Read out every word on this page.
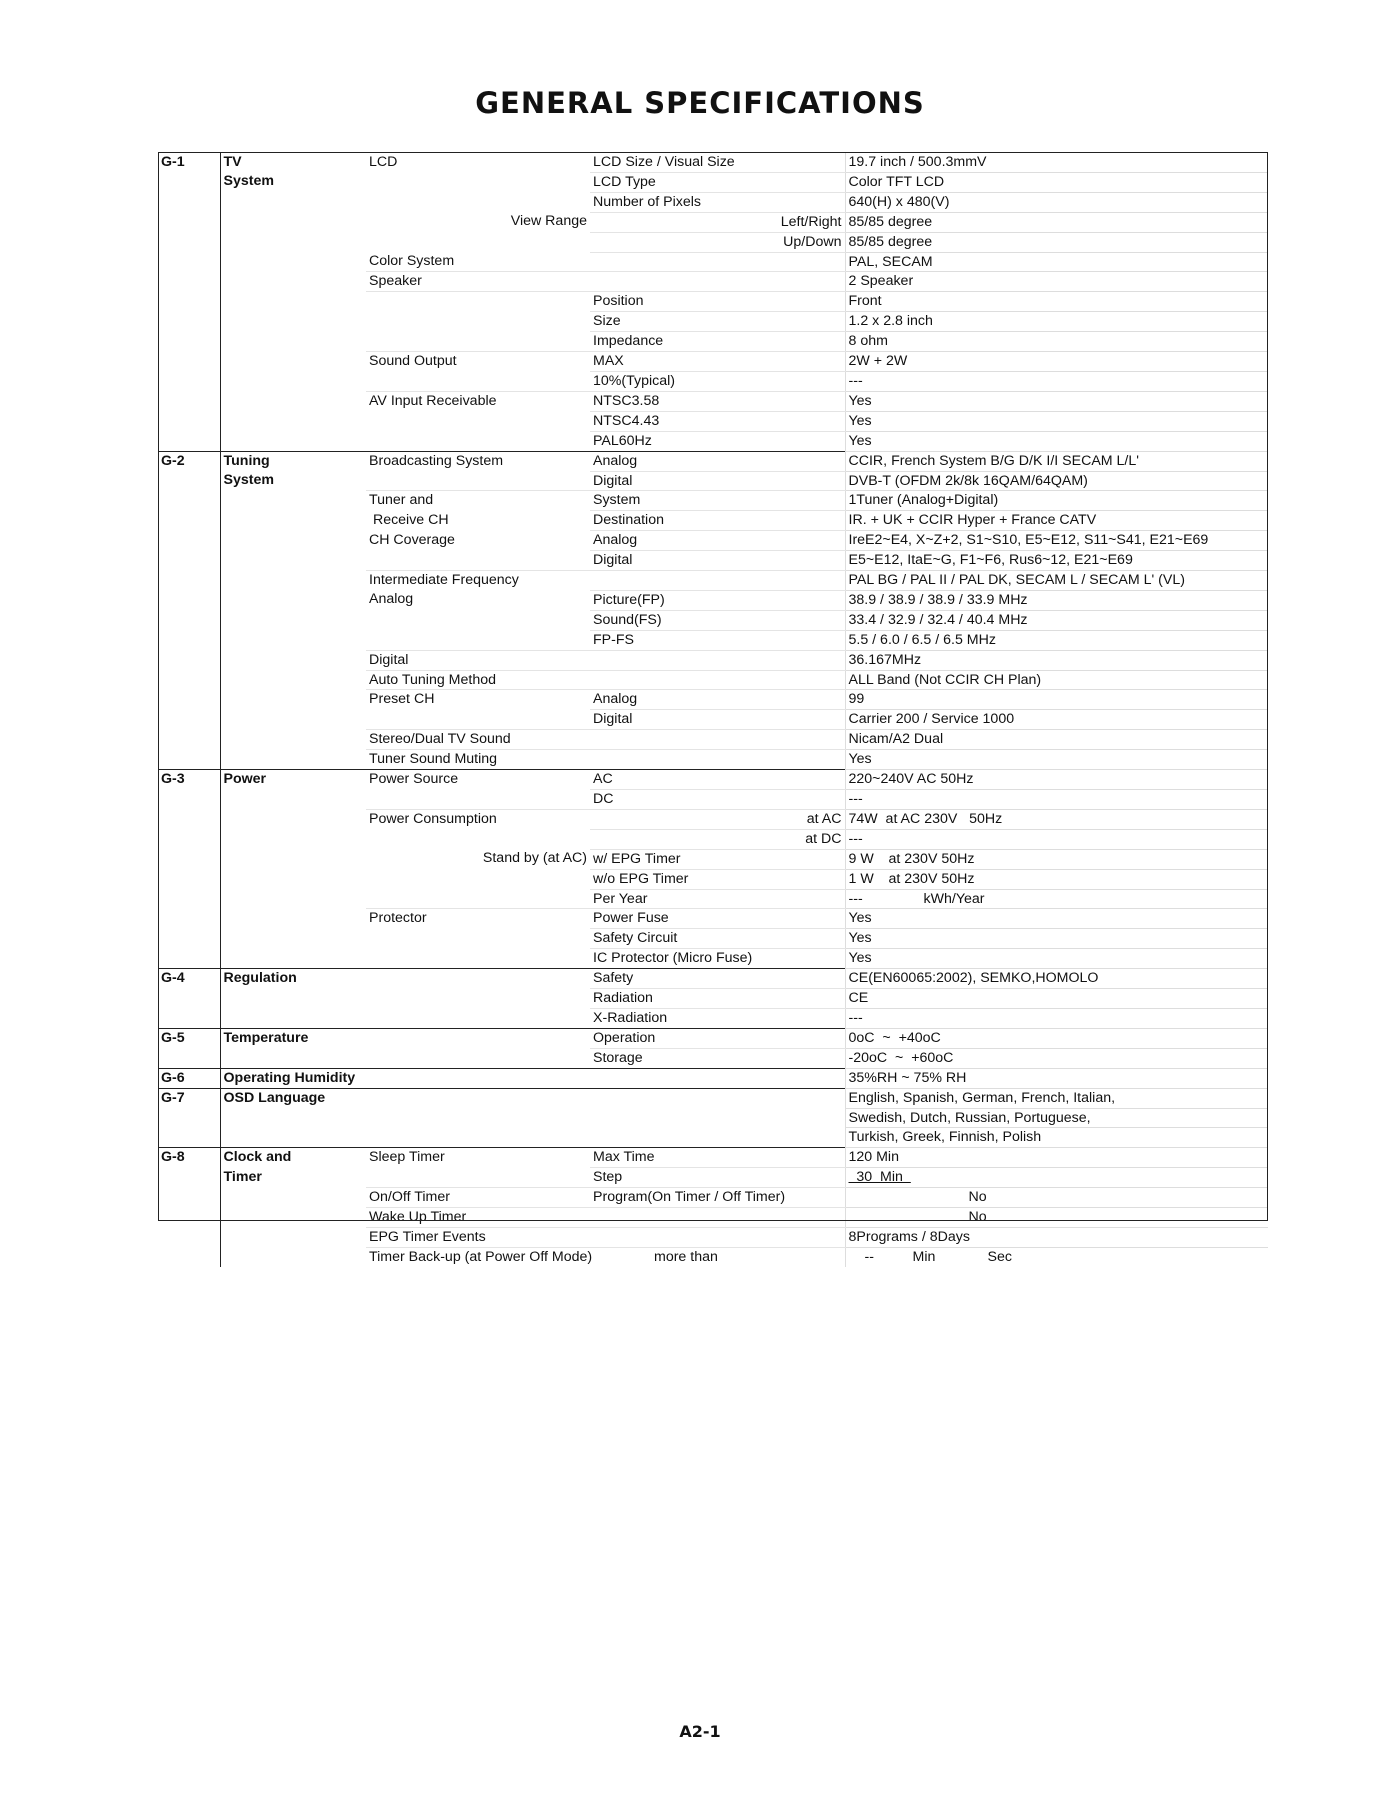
GENERAL SPECIFICATIONS
G-1	TV	LCD	LCD Size / Visual Size	19.7 inch / 500.3mmV
	System		LCD Type	Color TFT LCD
			Number of Pixels	640(H) x 480(V)
		View Range	Left/Right	85/85 degree
			Up/Down	85/85 degree
		Color System		PAL, SECAM
		Speaker		2 Speaker
			Position	Front
			Size	1.2 x 2.8 inch
			Impedance	8 ohm
		Sound Output	MAX	2W + 2W
			10%(Typical)	---
		AV Input Receivable	NTSC3.58	Yes
			NTSC4.43	Yes
			PAL60Hz	Yes
G-2	Tuning	Broadcasting System	Analog	CCIR, French System B/G D/K I/I SECAM L/L'
	System		Digital	DVB-T (OFDM 2k/8k 16QAM/64QAM)
		Tuner and	System	1Tuner (Analog+Digital)
		Receive CH	Destination	IR. + UK + CCIR Hyper + France CATV
		CH Coverage	Analog	IreE2~E4, X~Z+2, S1~S10, E5~E12, S11~S41, E21~E69
			Digital	E5~E12, ItaE~G, F1~F6, Rus6~12, E21~E69
		Intermediate Frequency		PAL BG / PAL II / PAL DK, SECAM L / SECAM L' (VL)
		Analog	Picture(FP)	38.9 / 38.9 / 38.9 / 33.9 MHz
			Sound(FS)	33.4 / 32.9 / 32.4 / 40.4 MHz
			FP-FS	5.5 / 6.0 / 6.5 / 6.5 MHz
		Digital		36.167MHz
		Auto Tuning Method		ALL Band (Not CCIR CH Plan)
		Preset CH	Analog	99
			Digital	Carrier 200 / Service 1000
		Stereo/Dual TV Sound		Nicam/A2 Dual
		Tuner Sound Muting		Yes
G-3	Power	Power Source	AC	220~240V AC 50Hz
			DC	---
		Power Consumption	at AC	74W  at AC 230V   50Hz
			at DC	---
		Stand by (at AC)	w/ EPG Timer	9 W at 230V 50Hz
			w/o EPG Timer	1 W at 230V 50Hz
			Per Year	--- kWh/Year
		Protector	Power Fuse	Yes
			Safety Circuit	Yes
			IC Protector (Micro Fuse)	Yes
G-4	Regulation		Safety	CE(EN60065:2002), SEMKO,HOMOLO
			Radiation	CE
			X-Radiation	---
G-5	Temperature		Operation	0oC  ~  +40oC
			Storage	-20oC  ~  +60oC
G-6	Operating Humidity			35%RH ~ 75% RH
G-7	OSD Language			English, Spanish, German, French, Italian,
				Swedish, Dutch, Russian, Portuguese,
				Turkish, Greek, Finnish, Polish
G-8	Clock and	Sleep Timer	Max Time	120 Min
	Timer		Step	30  Min
		On/Off Timer	Program(On Timer / Off Timer)	No
		Wake Up Timer		No
		EPG Timer Events		8Programs / 8Days
		Timer Back-up (at Power Off Mode) more than		-- Min Sec
A2-1
